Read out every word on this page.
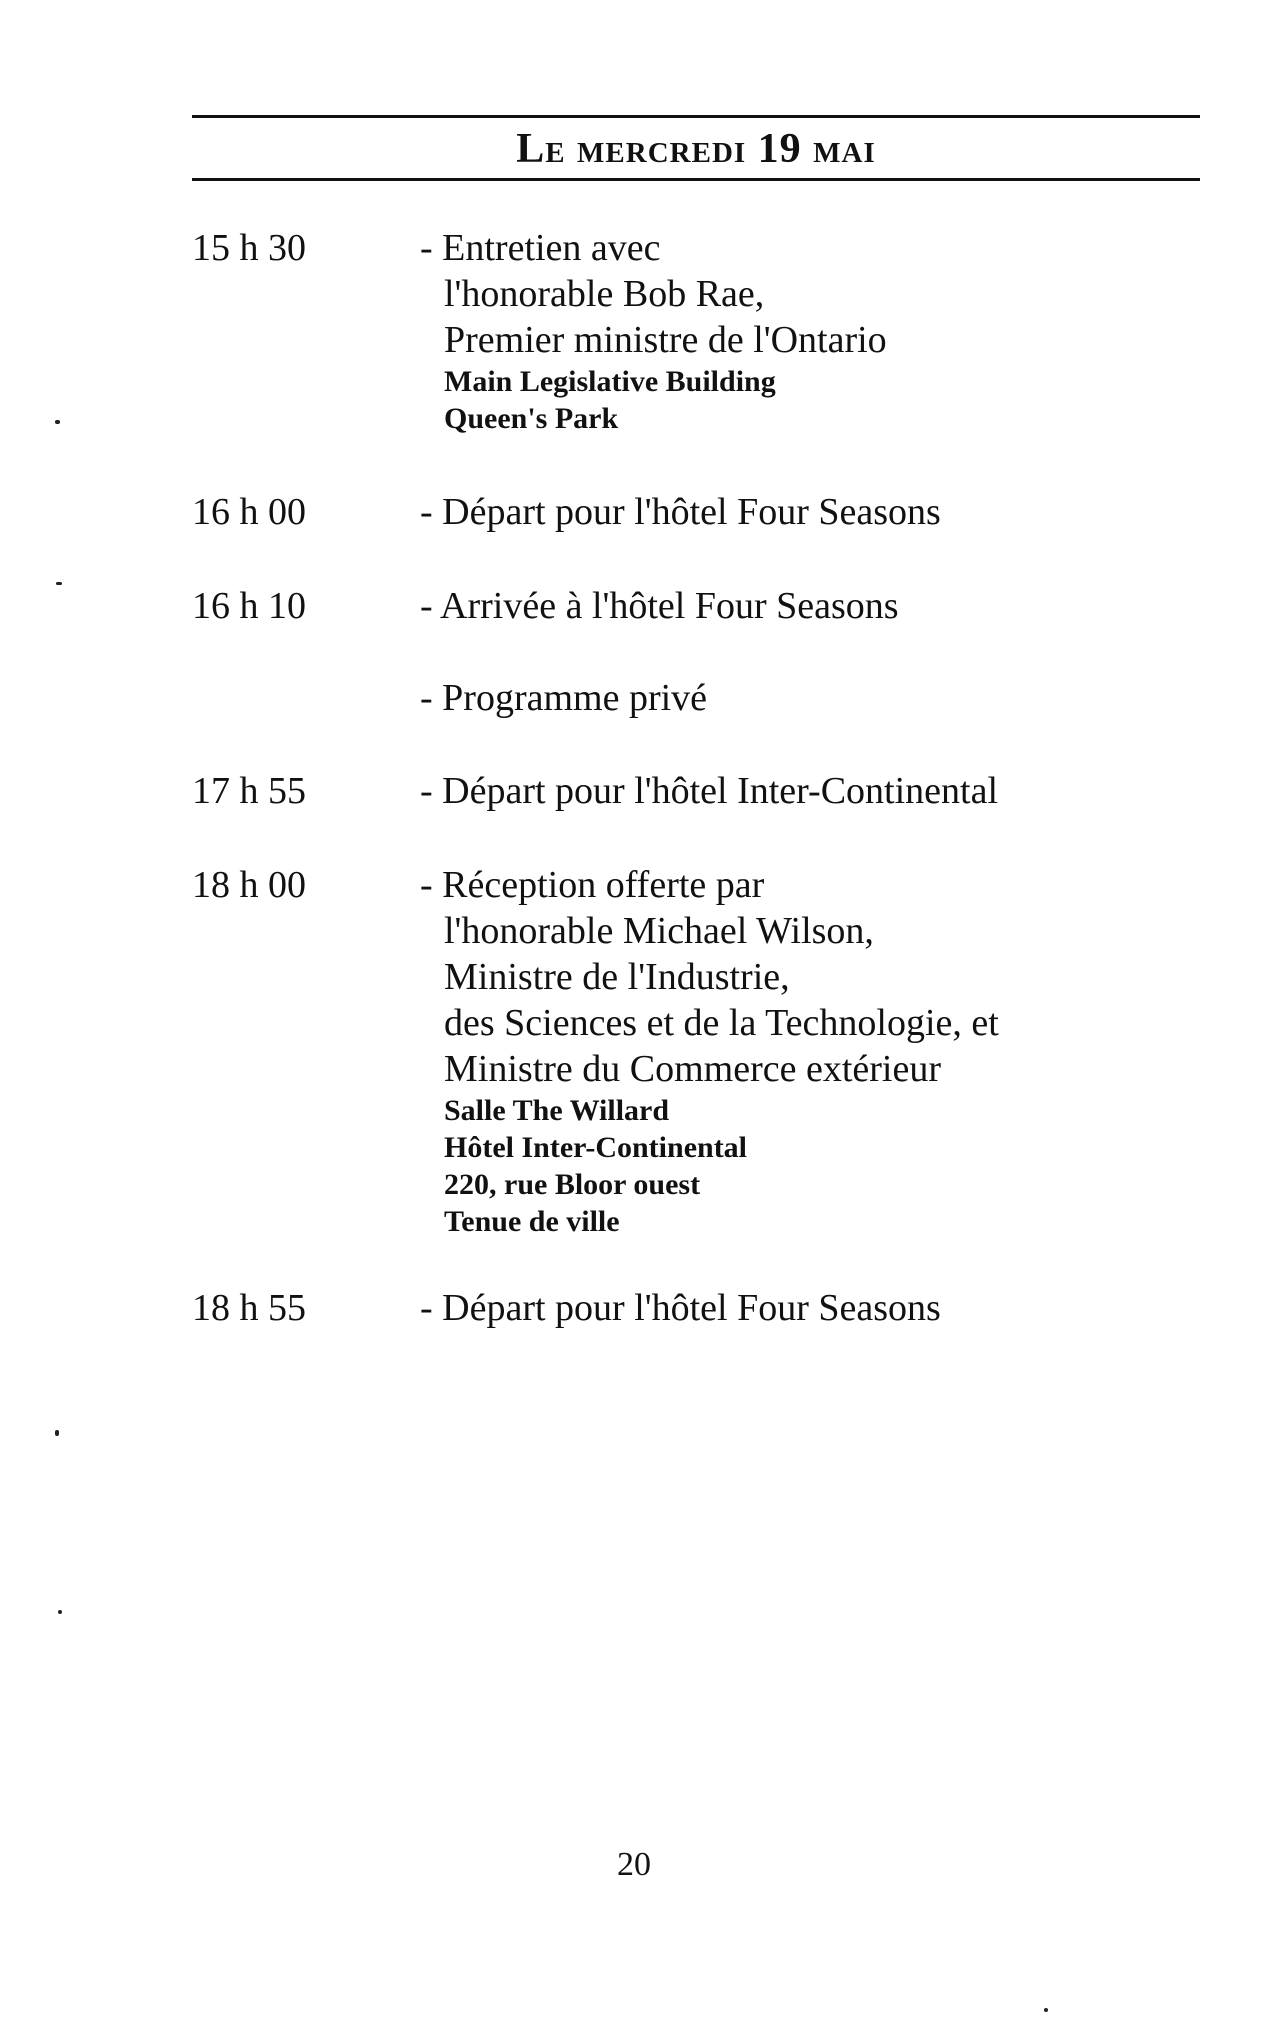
Le mercredi 19 mai
15 h 30	- Entretien avec
l'honorable Bob Rae,
Premier ministre de l'Ontario
Main Legislative Building
Queen's Park
16 h 00	- Départ pour l'hôtel Four Seasons
16 h 10	- Arrivée à l'hôtel Four Seasons
- Programme privé
17 h 55	- Départ pour l'hôtel Inter-Continental
18 h 00	- Réception offerte par
l'honorable Michael Wilson,
Ministre de l'Industrie,
des Sciences et de la Technologie, et
Ministre du Commerce extérieur
Salle The Willard
Hôtel Inter-Continental
220, rue Bloor ouest
Tenue de ville
18 h 55	- Départ pour l'hôtel Four Seasons
20
